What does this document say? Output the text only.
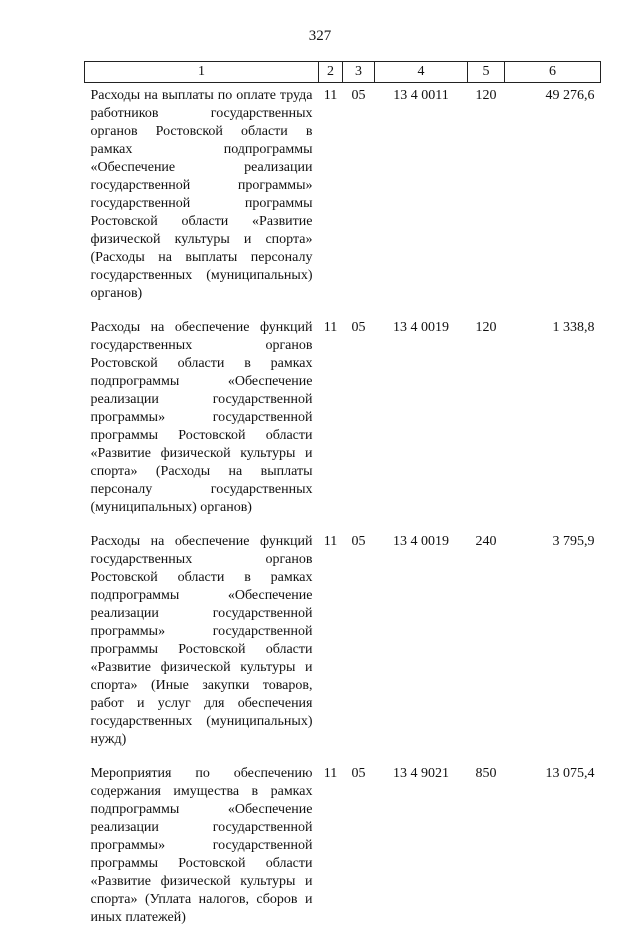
327
1	2	3	4	5	6
Расходы на выплаты по оплате труда работников государственных органов Ростовской области в рамках подпрограммы «Обеспечение реализации государственной программы» государственной программы Ростовской области «Развитие физической культуры и спорта» (Расходы на выплаты персоналу государственных (муниципальных) органов)	11	05	13 4 0011	120	49 276,6
Расходы на обеспечение функций государственных органов Ростовской области в рамках подпрограммы «Обеспечение реализации государственной программы» государственной программы Ростовской области «Развитие физической культуры и спорта» (Расходы на выплаты персоналу государственных (муниципальных) органов)	11	05	13 4 0019	120	1 338,8
Расходы на обеспечение функций государственных органов Ростовской области в рамках подпрограммы «Обеспечение реализации государственной программы» государственной программы Ростовской области «Развитие физической культуры и спорта» (Иные закупки товаров, работ и услуг для обеспечения государственных (муниципальных) нужд)	11	05	13 4 0019	240	3 795,9
Мероприятия по обеспечению содержания имущества в рамках подпрограммы «Обеспечение реализации государственной программы» государственной программы Ростовской области «Развитие физической культуры и спорта» (Уплата налогов, сборов и иных платежей)	11	05	13 4 9021	850	13 075,4
